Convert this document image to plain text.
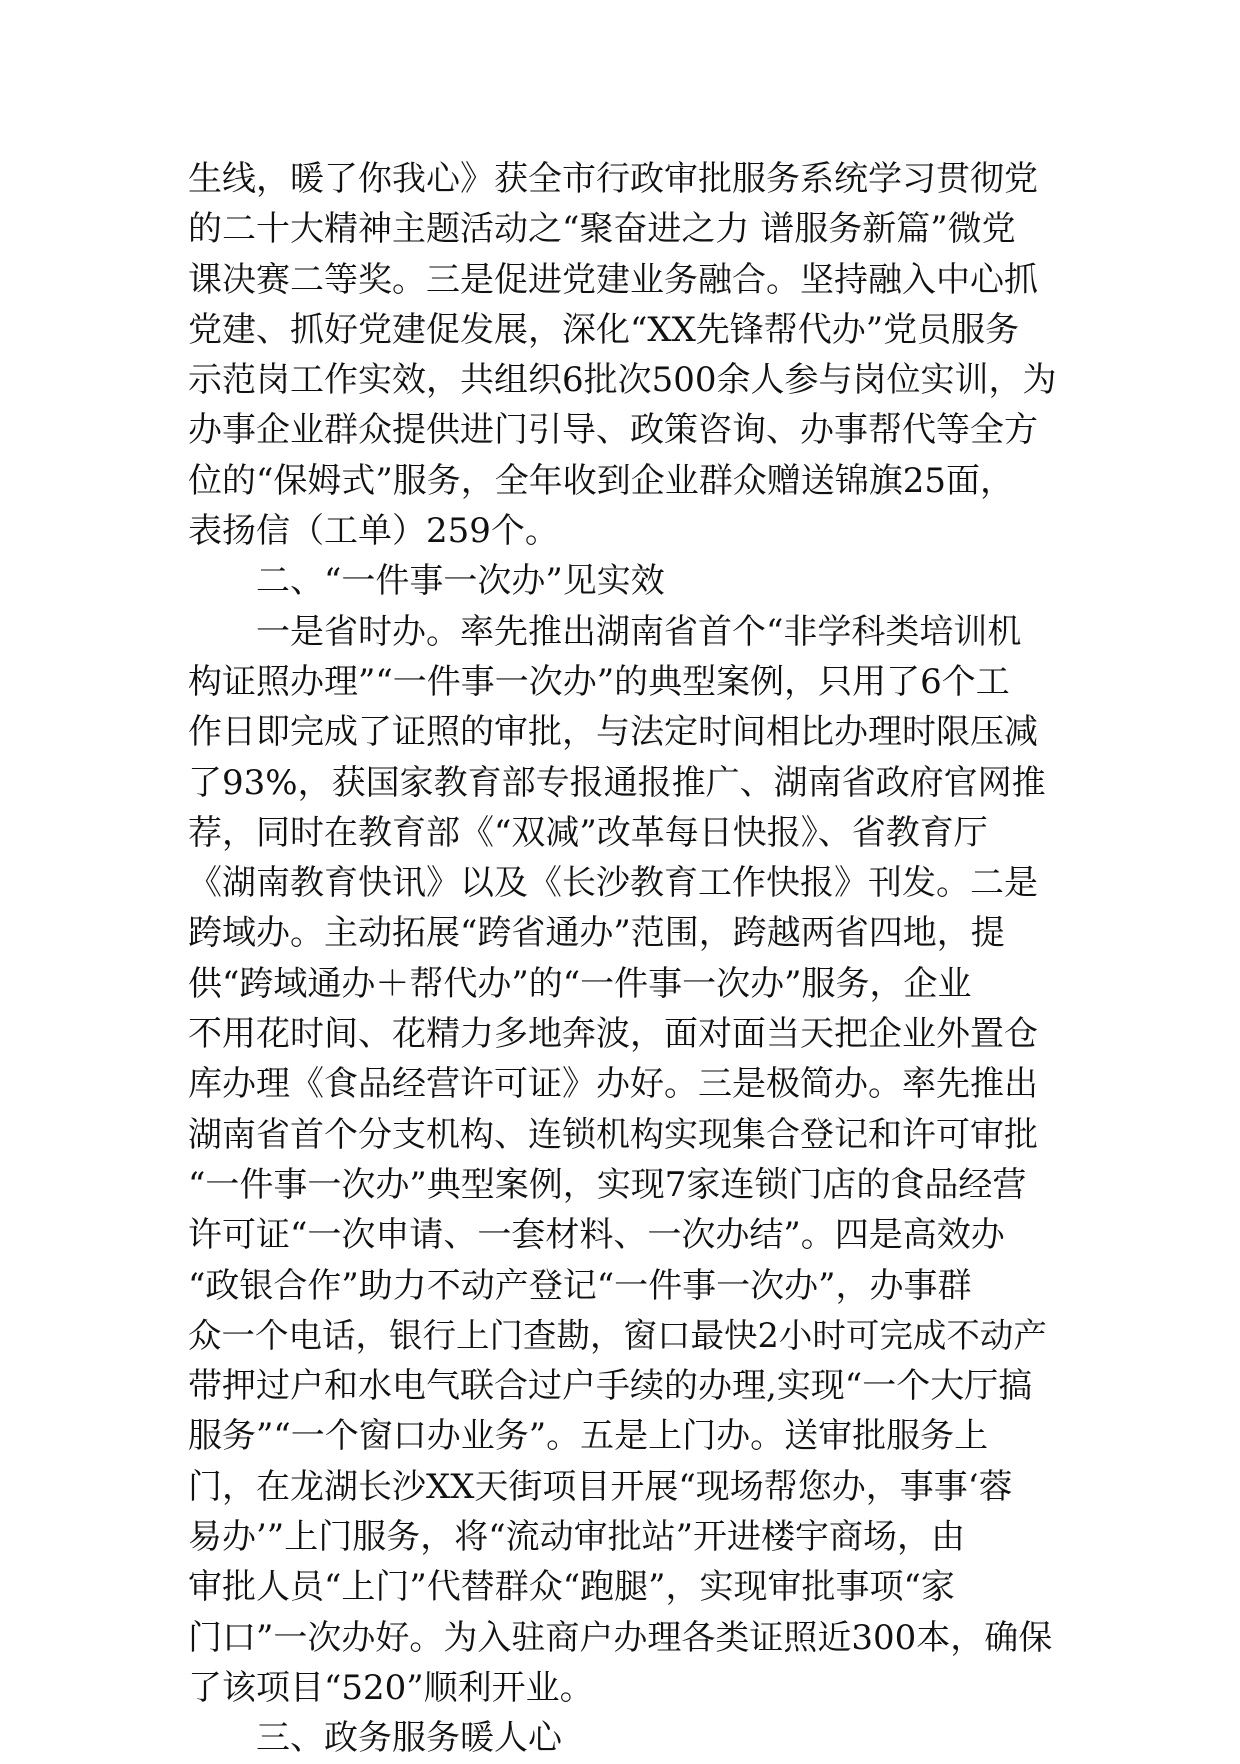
生线，暖了你我心》获全市行政审批服务系统学习贯彻党
的二十大精神主题活动之“聚奋进之力 谱服务新篇”微党
课决赛二等奖。三是促进党建业务融合。坚持融入中心抓
党建、抓好党建促发展，深化“XX先锋帮代办”党员服务
示范岗工作实效，共组织6批次500余人参与岗位实训，为
办事企业群众提供进门引导、政策咨询、办事帮代等全方
位的“保姆式”服务，全年收到企业群众赠送锦旗25面，
表扬信（工单）259个。
二、“一件事一次办”见实效
一是省时办。率先推出湖南省首个“非学科类培训机
构证照办理”“一件事一次办”的典型案例，只用了6个工
作日即完成了证照的审批，与法定时间相比办理时限压减
了93%，获国家教育部专报通报推广、湖南省政府官网推
荐，同时在教育部《“双减”改革每日快报》、省教育厅
《湖南教育快讯》以及《长沙教育工作快报》刊发。二是
跨域办。主动拓展“跨省通办”范围，跨越两省四地，提
供“跨域通办＋帮代办”的“一件事一次办”服务，企业
不用花时间、花精力多地奔波，面对面当天把企业外置仓
库办理《食品经营许可证》办好。三是极简办。率先推出
湖南省首个分支机构、连锁机构实现集合登记和许可审批
“一件事一次办”典型案例，实现7家连锁门店的食品经营
许可证“一次申请、一套材料、一次办结”。四是高效办
“政银合作”助力不动产登记“一件事一次办”，办事群
众一个电话，银行上门查勘，窗口最快2小时可完成不动产
带押过户和水电气联合过户手续的办理,实现“一个大厅搞
服务”“一个窗口办业务”。五是上门办。送审批服务上
门，在龙湖长沙XX天街项目开展“现场帮您办，事事‘蓉
易办’”上门服务，将“流动审批站”开进楼宇商场，由
审批人员“上门”代替群众“跑腿”，实现审批事项“家
门口”一次办好。为入驻商户办理各类证照近300本，确保
了该项目“520”顺利开业。
三、政务服务暖人心
